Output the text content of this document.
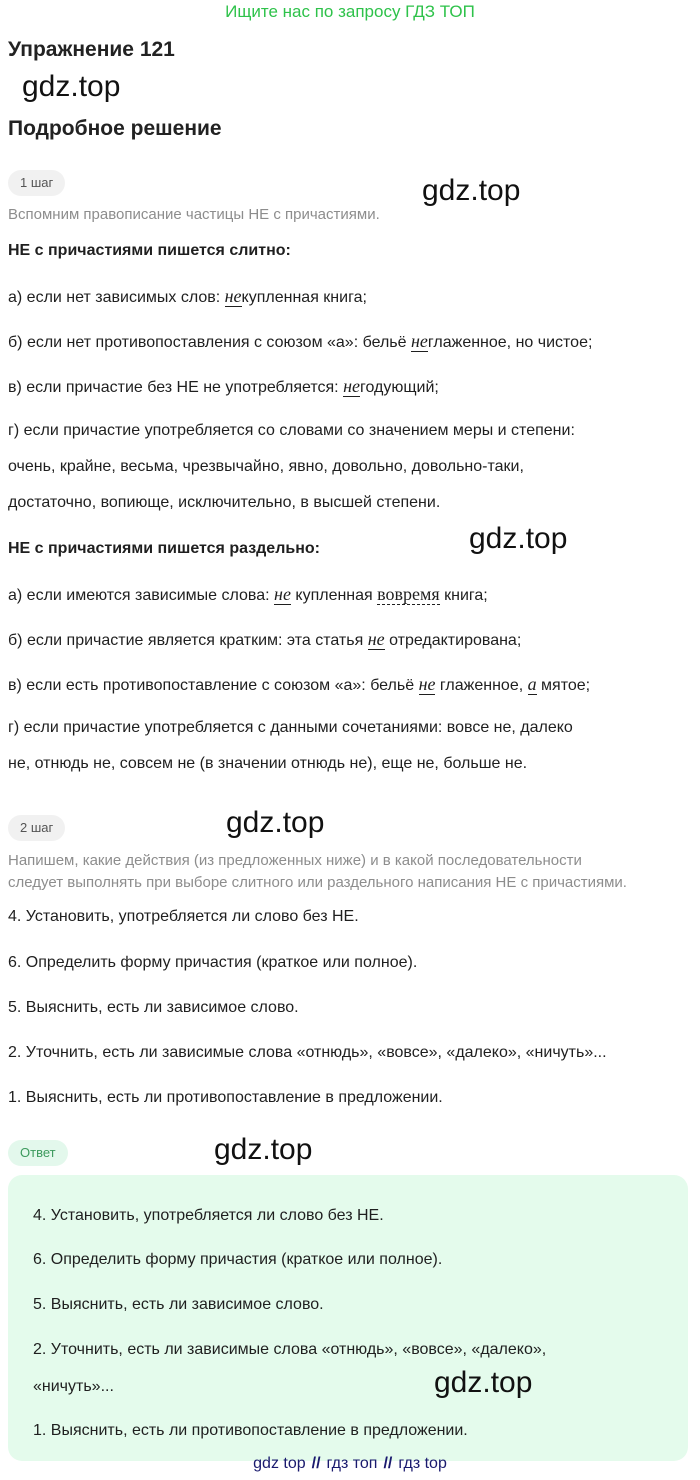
Ищите нас по запросу ГДЗ ТОП
Упражнение 121
gdz.top
Подробное решение
1 шаг	gdz.top
Вспомним правописание частицы НЕ с причастиями.
НЕ с причастиями пишется слитно:
а) если нет зависимых слов: некупленная книга;
б) если нет противопоставления с союзом «а»: бельё неглаженное, но чистое;
в) если причастие без НЕ не употребляется: негодующий;
г) если причастие употребляется со словами со значением меры и степени:
очень, крайне, весьма, чрезвычайно, явно, довольно, довольно-таки,
достаточно, вопиюще, исключительно, в высшей степени.
НЕ с причастиями пишется раздельно:	gdz.top
а) если имеются зависимые слова: не купленная вовремя книга;
б) если причастие является кратким: эта статья не отредактирована;
в) если есть противопоставление с союзом «а»: бельё не глаженное, а мятое;
г) если причастие употребляется с данными сочетаниями: вовсе не, далеко
не, отнюдь не, совсем не (в значении отнюдь не), еще не, больше не.
2 шаг	gdz.top
Напишем, какие действия (из предложенных ниже) и в какой последовательности
следует выполнять при выборе слитного или раздельного написания НЕ с причастиями.
4. Установить, употребляется ли слово без НЕ.
6. Определить форму причастия (краткое или полное).
5. Выяснить, есть ли зависимое слово.
2. Уточнить, есть ли зависимые слова «отнюдь», «вовсе», «далеко», «ничуть»...
1. Выяснить, есть ли противопоставление в предложении.
Ответ	gdz.top
4. Установить, употребляется ли слово без НЕ.
6. Определить форму причастия (краткое или полное).
5. Выяснить, есть ли зависимое слово.
2. Уточнить, есть ли зависимые слова «отнюдь», «вовсе», «далеко»,
«ничуть»...	gdz.top
1. Выяснить, есть ли противопоставление в предложении.
gdz top // гдз топ // гдз top
